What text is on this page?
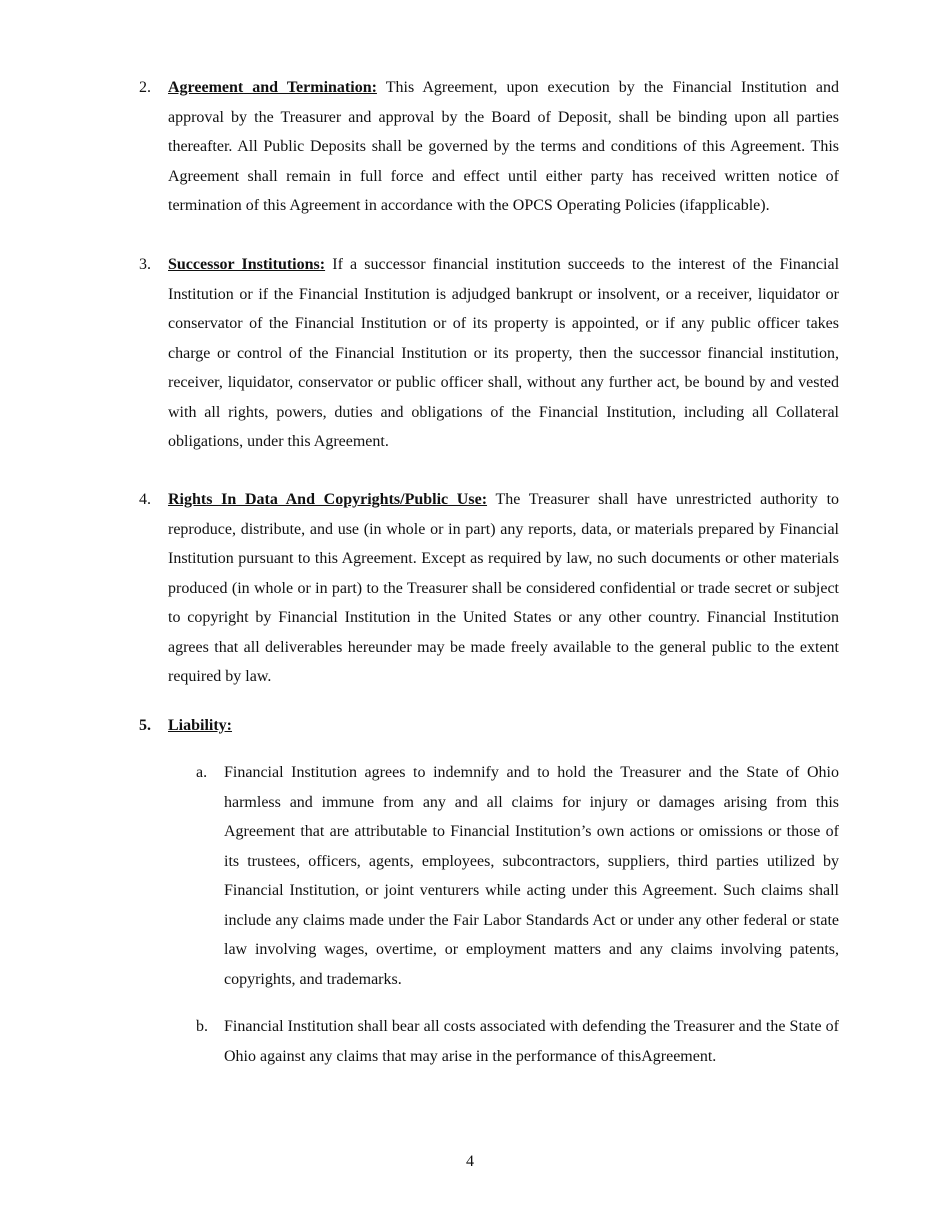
2.	Agreement and Termination: This Agreement, upon execution by the Financial Institution and approval by the Treasurer and approval by the Board of Deposit, shall be binding upon all parties thereafter. All Public Deposits shall be governed by the terms and conditions of this Agreement. This Agreement shall remain in full force and effect until either party has received written notice of termination of this Agreement in accordance with the OPCS Operating Policies (ifapplicable).
3.	Successor Institutions: If a successor financial institution succeeds to the interest of the Financial Institution or if the Financial Institution is adjudged bankrupt or insolvent, or a receiver, liquidator or conservator of the Financial Institution or of its property is appointed, or if any public officer takes charge or control of the Financial Institution or its property, then the successor financial institution, receiver, liquidator, conservator or public officer shall, without any further act, be bound by and vested with all rights, powers, duties and obligations of the Financial Institution, including all Collateral obligations, under this Agreement.
4.	Rights In Data And Copyrights/Public Use: The Treasurer shall have unrestricted authority to reproduce, distribute, and use (in whole or in part) any reports, data, or materials prepared by Financial Institution pursuant to this Agreement. Except as required by law, no such documents or other materials produced (in whole or in part) to the Treasurer shall be considered confidential or trade secret or subject to copyright by Financial Institution in the United States or any other country. Financial Institution agrees that all deliverables hereunder may be made freely available to the general public to the extent required by law.
5.	Liability:
a.	Financial Institution agrees to indemnify and to hold the Treasurer and the State of Ohio harmless and immune from any and all claims for injury or damages arising from this Agreement that are attributable to Financial Institution’s own actions or omissions or those of its trustees, officers, agents, employees, subcontractors, suppliers, third parties utilized by Financial Institution, or joint venturers while acting under this Agreement. Such claims shall include any claims made under the Fair Labor Standards Act or under any other federal or state law involving wages, overtime, or employment matters and any claims involving patents, copyrights, and trademarks.
b.	Financial Institution shall bear all costs associated with defending the Treasurer and the State of Ohio against any claims that may arise in the performance of thisAgreement.
4
